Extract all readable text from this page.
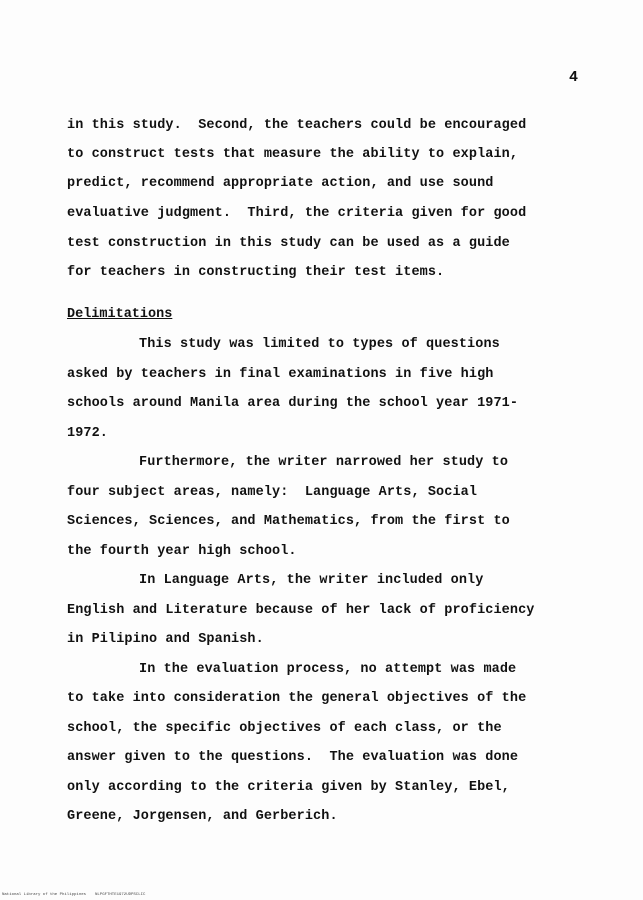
4
in this study.  Second, the teachers could be encouraged
to construct tests that measure the ability to explain,
predict, recommend appropriate action, and use sound
evaluative judgment.  Third, the criteria given for good
test construction in this study can be used as a guide
for teachers in constructing their test items.
Delimitations
This study was limited to types of questions
asked by teachers in final examinations in five high
schools around Manila area during the school year 1971-
1972.
Furthermore, the writer narrowed her study to
four subject areas, namely:  Language Arts, Social
Sciences, Sciences, and Mathematics, from the first to
the fourth year high school.
In Language Arts, the writer included only
English and Literature because of her lack of proficiency
in Pilipino and Spanish.
In the evaluation process, no attempt was made
to take into consideration the general objectives of the
school, the specific objectives of each class, or the
answer given to the questions.  The evaluation was done
only according to the criteria given by Stanley, Ebel,
Greene, Jorgensen, and Gerberich.
National Library of the Philippines NLPGFTHTE1972UDPSCLIC
